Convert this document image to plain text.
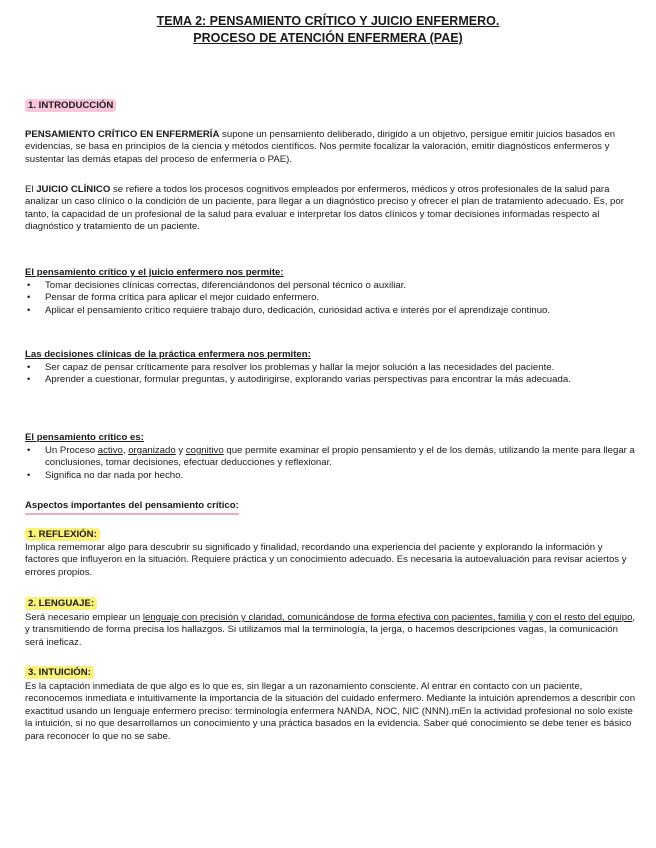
TEMA 2: PENSAMIENTO CRÍTICO Y JUICIO ENFERMERO.
PROCESO DE ATENCIÓN ENFERMERA (PAE)
1. INTRODUCCIÓN
PENSAMIENTO CRÍTICO EN ENFERMERÍA supone un pensamiento deliberado, dirigido a un objetivo, persigue emitir juicios basados en evidencias, se basa en principios de la ciencia y métodos científicos. Nos permite focalizar la valoración, emitir diagnósticos enfermeros y sustentar las demás etapas del proceso de enfermería o PAE).
El JUICIO CLÍNICO se refiere a todos los procesos cognitivos empleados por enfermeros, médicos y otros profesionales de la salud para analizar un caso clínico o la condición de un paciente, para llegar a un diagnóstico preciso y ofrecer el plan de tratamiento adecuado. Es, por tanto, la capacidad de un profesional de la salud para evaluar e interpretar los datos clínicos y tomar decisiones informadas respecto al diagnóstico y tratamiento de un paciente.
El pensamiento crítico y el juicio enfermero nos permite:
• Tomar decisiones clínicas correctas, diferenciándonos del personal técnico o auxiliar.
• Pensar de forma crítica para aplicar el mejor cuidado enfermero.
• Aplicar el pensamiento crítico requiere trabajo duro, dedicación, curiosidad activa e interés por el aprendizaje continuo.
Las decisiones clínicas de la práctica enfermera nos permiten:
• Ser capaz de pensar críticamente para resolver los problemas y hallar la mejor solución a las necesidades del paciente.
• Aprender a cuestionar, formular preguntas, y autodirigirse, explorando varias perspectivas para encontrar la más adecuada.
El pensamiento crítico es:
• Un Proceso activo, organizado y cognitivo que permite examinar el propio pensamiento y el de los demás, utilizando la mente para llegar a conclusiones, tomar decisiones, efectuar deducciones y reflexionar.
• Significa no dar nada por hecho.
Aspectos importantes del pensamiento crítico:
1. REFLEXIÓN:
Implica rememorar algo para descubrir su significado y finalidad, recordando una experiencia del paciente y explorando la información y factores que influyeron en la situación. Requiere práctica y un conocimiento adecuado. Es necesaria la autoevaluación para revisar aciertos y errores propios.
2. LENGUAJE:
Será necesario emplear un lenguaje con precisión y claridad, comunicándose de forma efectiva con pacientes, familia y con el resto del equipo, y transmitiendo de forma precisa los hallazgos. Si utilizamos mal la terminología, la jerga, o hacemos descripciones vagas, la comunicación será ineficaz.
3. INTUICIÓN:
Es la captación inmediata de que algo es lo que es, sin llegar a un razonamiento consciente. Al entrar en contacto con un paciente, reconocemos inmediata e intuitivamente la importancia de la situación del cuidado enfermero. Mediante la intuición aprendemos a describir con exactitud usando un lenguaje enfermero preciso: terminología enfermera NANDA, NOC, NIC (NNN).mEn la actividad profesional no solo existe la intuición, si no que desarrollamos un conocimiento y una práctica basados en la evidencia. Saber qué conocimiento se debe tener es básico para reconocer lo que no se sabe.
